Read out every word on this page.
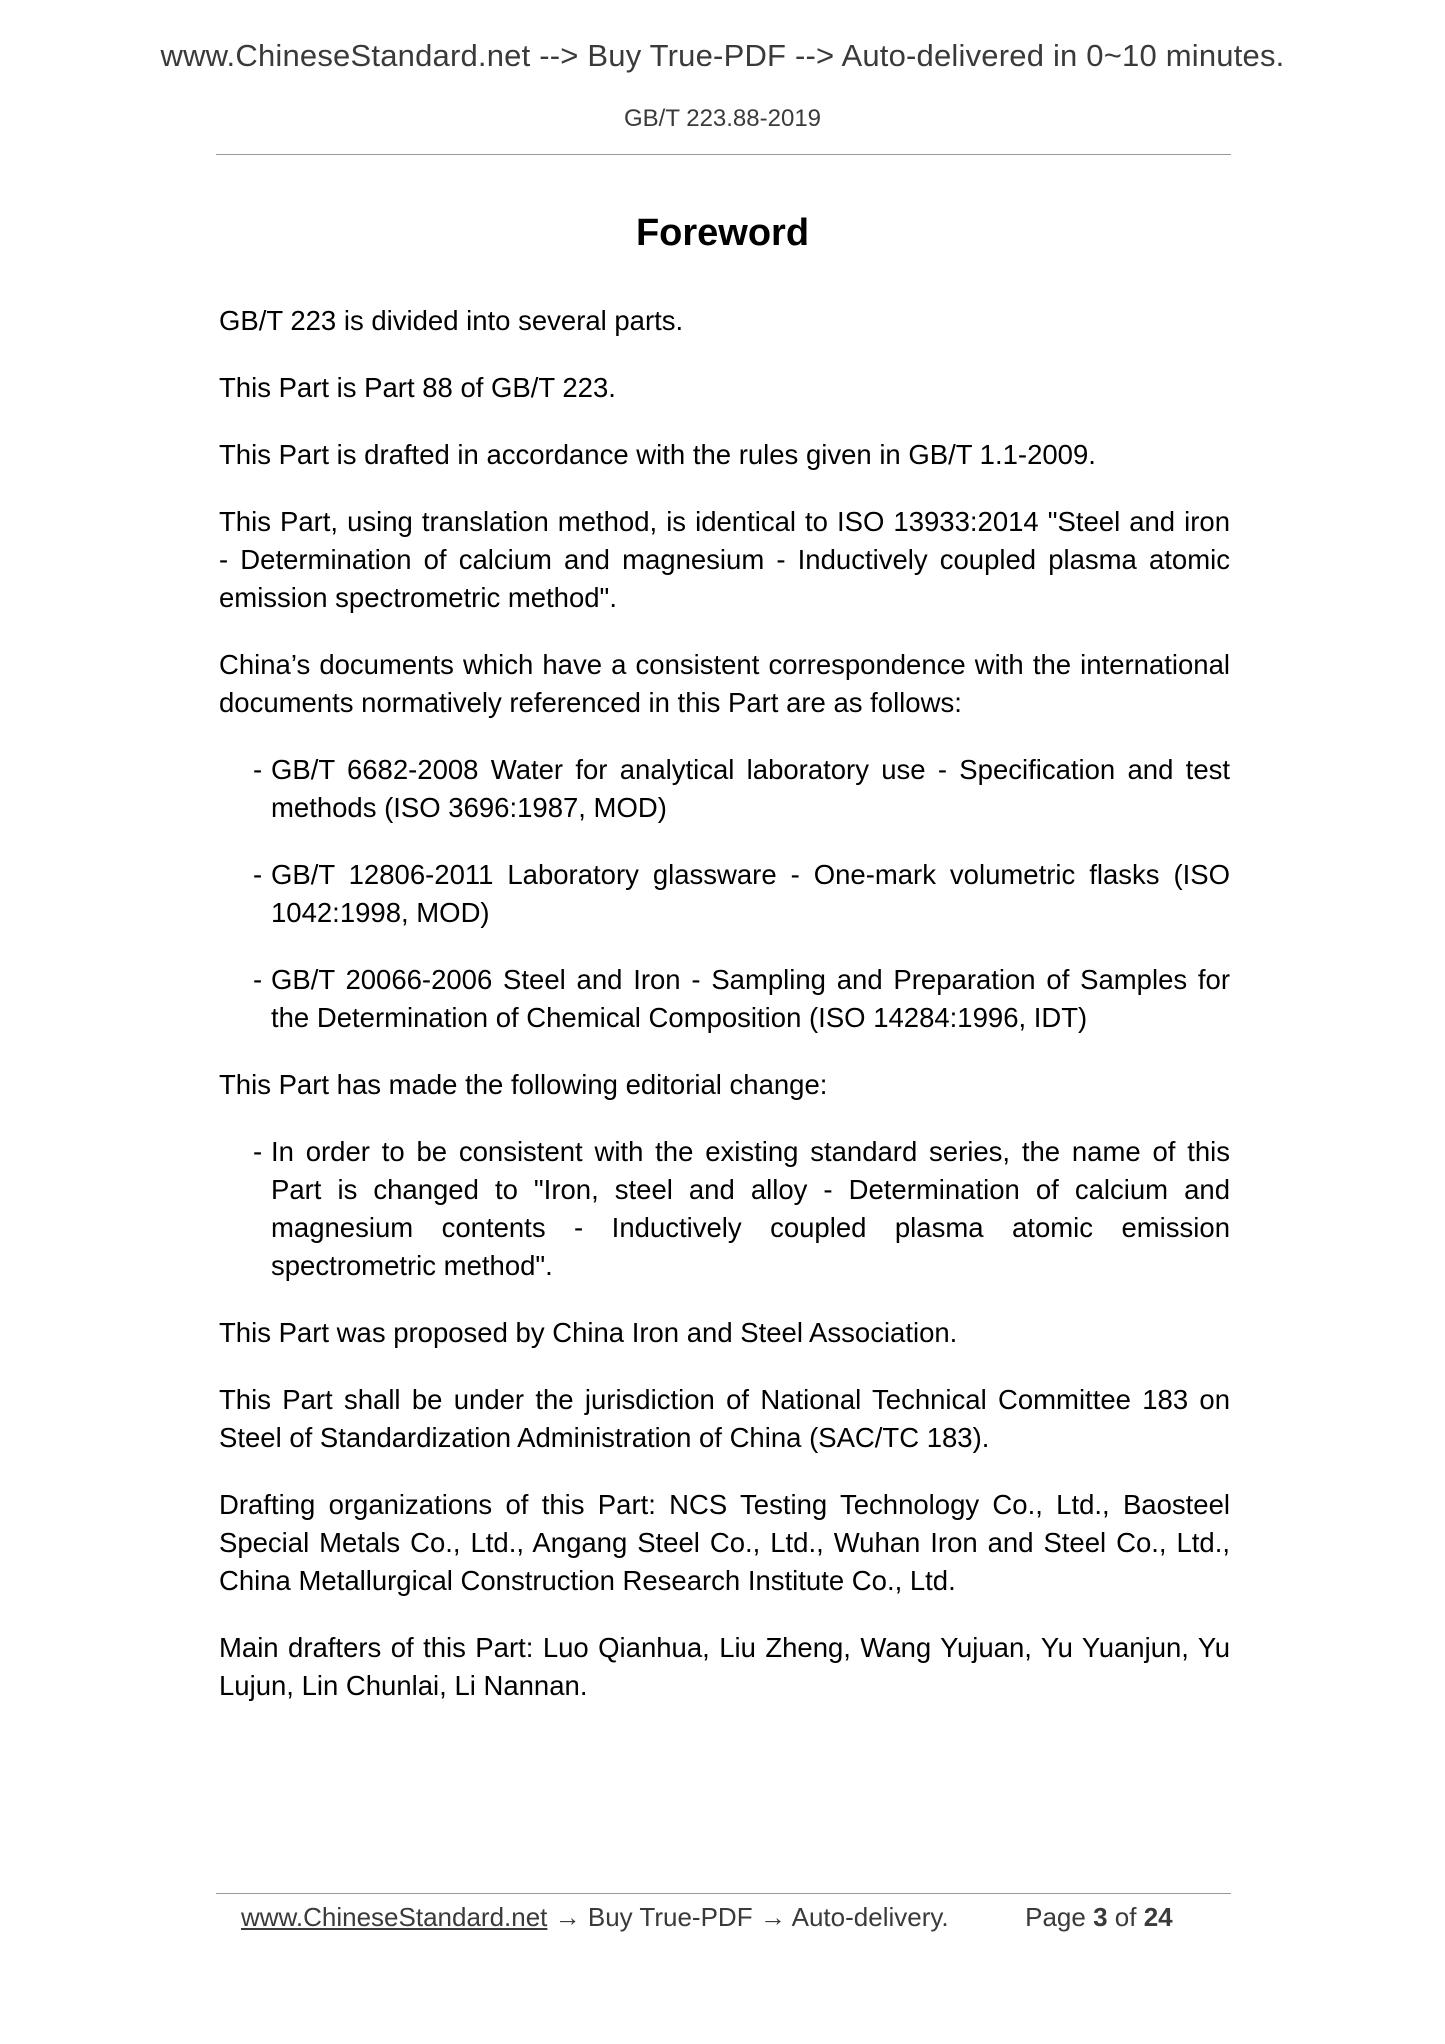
www.ChineseStandard.net --> Buy True-PDF --> Auto-delivered in 0~10 minutes.
GB/T 223.88-2019
Foreword

GB/T 223 is divided into several parts.

This Part is Part 88 of GB/T 223.

This Part is drafted in accordance with the rules given in GB/T 1.1-2009.

This Part, using translation method, is identical to ISO 13933:2014 "Steel and iron - Determination of calcium and magnesium - Inductively coupled plasma atomic emission spectrometric method".

China’s documents which have a consistent correspondence with the international documents normatively referenced in this Part are as follows:

- GB/T 6682-2008 Water for analytical laboratory use - Specification and test methods (ISO 3696:1987, MOD)
- GB/T 12806-2011 Laboratory glassware - One-mark volumetric flasks (ISO 1042:1998, MOD)
- GB/T 20066-2006 Steel and Iron - Sampling and Preparation of Samples for the Determination of Chemical Composition (ISO 14284:1996, IDT)

This Part has made the following editorial change:

- In order to be consistent with the existing standard series, the name of this Part is changed to "Iron, steel and alloy - Determination of calcium and magnesium contents - Inductively coupled plasma atomic emission spectrometric method".

This Part was proposed by China Iron and Steel Association.

This Part shall be under the jurisdiction of National Technical Committee 183 on Steel of Standardization Administration of China (SAC/TC 183).

Drafting organizations of this Part: NCS Testing Technology Co., Ltd., Baosteel Special Metals Co., Ltd., Angang Steel Co., Ltd., Wuhan Iron and Steel Co., Ltd., China Metallurgical Construction Research Institute Co., Ltd.

Main drafters of this Part: Luo Qianhua, Liu Zheng, Wang Yujuan, Yu Yuanjun, Yu Lujun, Lin Chunlai, Li Nannan.

www.ChineseStandard.net → Buy True-PDF → Auto-delivery.	Page 3 of 24
